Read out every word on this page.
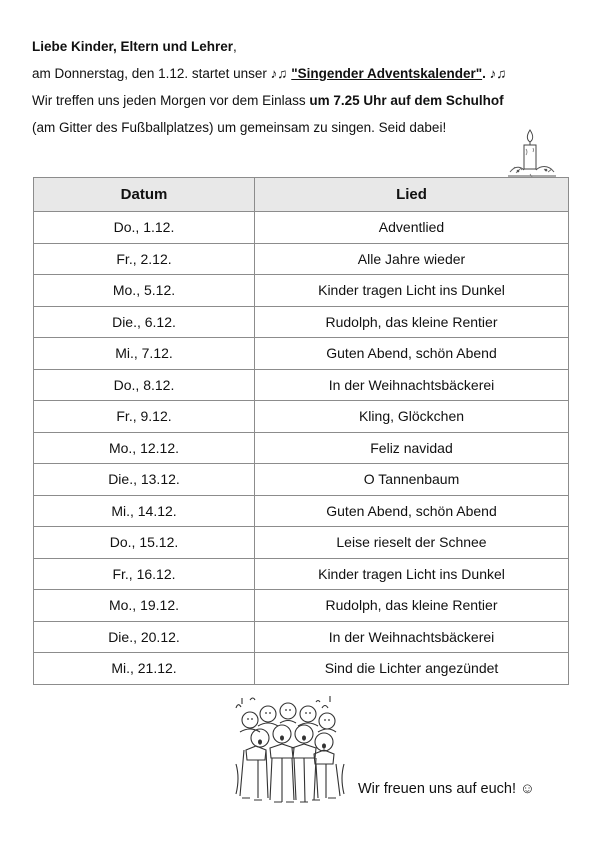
Liebe Kinder, Eltern und Lehrer,
am Donnerstag, den 1.12. startet unser ♪♫ "Singender Adventskalender". ♪♫
Wir treffen uns jeden Morgen vor dem Einlass um 7.25 Uhr auf dem Schulhof
(am Gitter des Fußballplatzes) um gemeinsam zu singen. Seid dabei!
Datum	Lied
Do., 1.12.	Adventlied
Fr., 2.12.	Alle Jahre wieder
Mo., 5.12.	Kinder tragen Licht ins Dunkel
Die., 6.12.	Rudolph, das kleine Rentier
Mi., 7.12.	Guten Abend, schön Abend
Do., 8.12.	In der Weihnachtsbäckerei
Fr., 9.12.	Kling, Glöckchen
Mo., 12.12.	Feliz navidad
Die., 13.12.	O Tannenbaum
Mi., 14.12.	Guten Abend, schön Abend
Do., 15.12.	Leise rieselt der Schnee
Fr., 16.12.	Kinder tragen Licht ins Dunkel
Mo., 19.12.	Rudolph, das kleine Rentier
Die., 20.12.	In der Weihnachtsbäckerei
Mi., 21.12.	Sind die Lichter angezündet
Wir freuen uns auf euch! ☺
